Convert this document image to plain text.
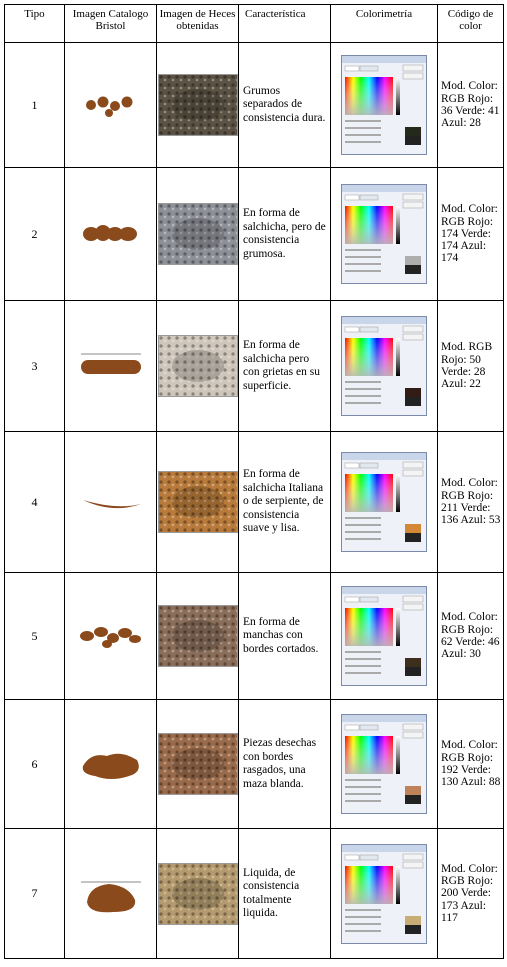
Tipo	Imagen Catalogo Bristol	Imagen de Heces obtenidas	Característica	Colorimetría	Código de color
1			Grumos separados de consistencia dura.		Mod. Color: RGB Rojo: 36 Verde: 41 Azul: 28
2			En forma de salchicha, pero de consistencia grumosa.		Mod. Color: RGB Rojo: 174 Verde: 174 Azul: 174
3			En forma de salchicha pero con grietas en su superficie.		Mod. RGB Rojo: 50 Verde: 28 Azul: 22
4			En forma de salchicha Italiana o de serpiente, de consistencia suave y lisa.		Mod. Color: RGB Rojo: 211 Verde: 136 Azul: 53
5			En forma de manchas con bordes cortados.		Mod. Color: RGB Rojo: 62 Verde: 46 Azul: 30
6			Piezas desechas con bordes rasgados, una maza blanda.		Mod. Color: RGB Rojo: 192 Verde: 130 Azul: 88
7			Liquida, de consistencia totalmente liquida.		Mod. Color: RGB Rojo: 200 Verde: 173 Azul: 117
